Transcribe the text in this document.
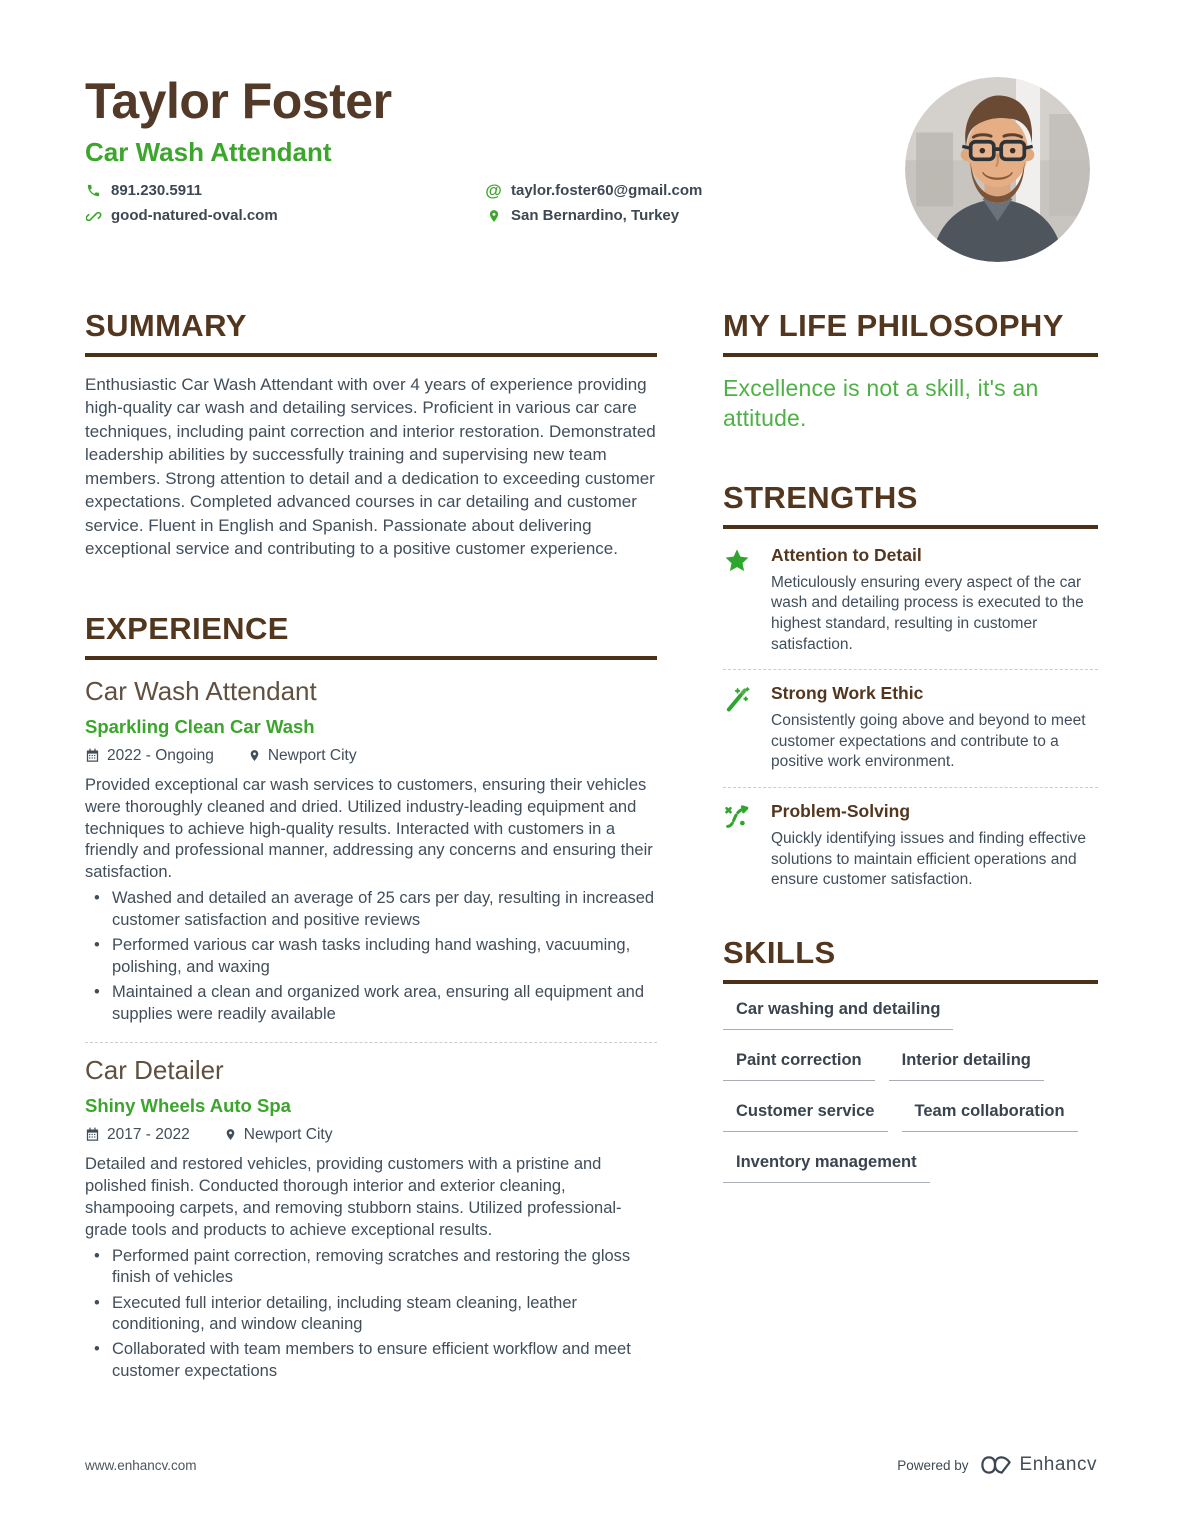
Taylor Foster
Car Wash Attendant
891.230.5911	@ taylor.foster60@gmail.com
good-natured-oval.com	San Bernardino, Turkey
SUMMARY
Enthusiastic Car Wash Attendant with over 4 years of experience providing high-quality car wash and detailing services. Proficient in various car care techniques, including paint correction and interior restoration. Demonstrated leadership abilities by successfully training and supervising new team members. Strong attention to detail and a dedication to exceeding customer expectations. Completed advanced courses in car detailing and customer service. Fluent in English and Spanish. Passionate about delivering exceptional service and contributing to a positive customer experience.
EXPERIENCE
Car Wash Attendant
Sparkling Clean Car Wash
2022 - Ongoing	Newport City
Provided exceptional car wash services to customers, ensuring their vehicles were thoroughly cleaned and dried. Utilized industry-leading equipment and techniques to achieve high-quality results. Interacted with customers in a friendly and professional manner, addressing any concerns and ensuring their satisfaction.
• Washed and detailed an average of 25 cars per day, resulting in increased customer satisfaction and positive reviews
• Performed various car wash tasks including hand washing, vacuuming, polishing, and waxing
• Maintained a clean and organized work area, ensuring all equipment and supplies were readily available
Car Detailer
Shiny Wheels Auto Spa
2017 - 2022	Newport City
Detailed and restored vehicles, providing customers with a pristine and polished finish. Conducted thorough interior and exterior cleaning, shampooing carpets, and removing stubborn stains. Utilized professional-grade tools and products to achieve exceptional results.
• Performed paint correction, removing scratches and restoring the gloss finish of vehicles
• Executed full interior detailing, including steam cleaning, leather conditioning, and window cleaning
• Collaborated with team members to ensure efficient workflow and meet customer expectations
MY LIFE PHILOSOPHY
Excellence is not a skill, it's an attitude.
STRENGTHS
Attention to Detail
Meticulously ensuring every aspect of the car wash and detailing process is executed to the highest standard, resulting in customer satisfaction.
Strong Work Ethic
Consistently going above and beyond to meet customer expectations and contribute to a positive work environment.
Problem-Solving
Quickly identifying issues and finding effective solutions to maintain efficient operations and ensure customer satisfaction.
SKILLS
Car washing and detailing
Paint correction	Interior detailing
Customer service	Team collaboration
Inventory management
www.enhancv.com	Powered by	Enhancv
